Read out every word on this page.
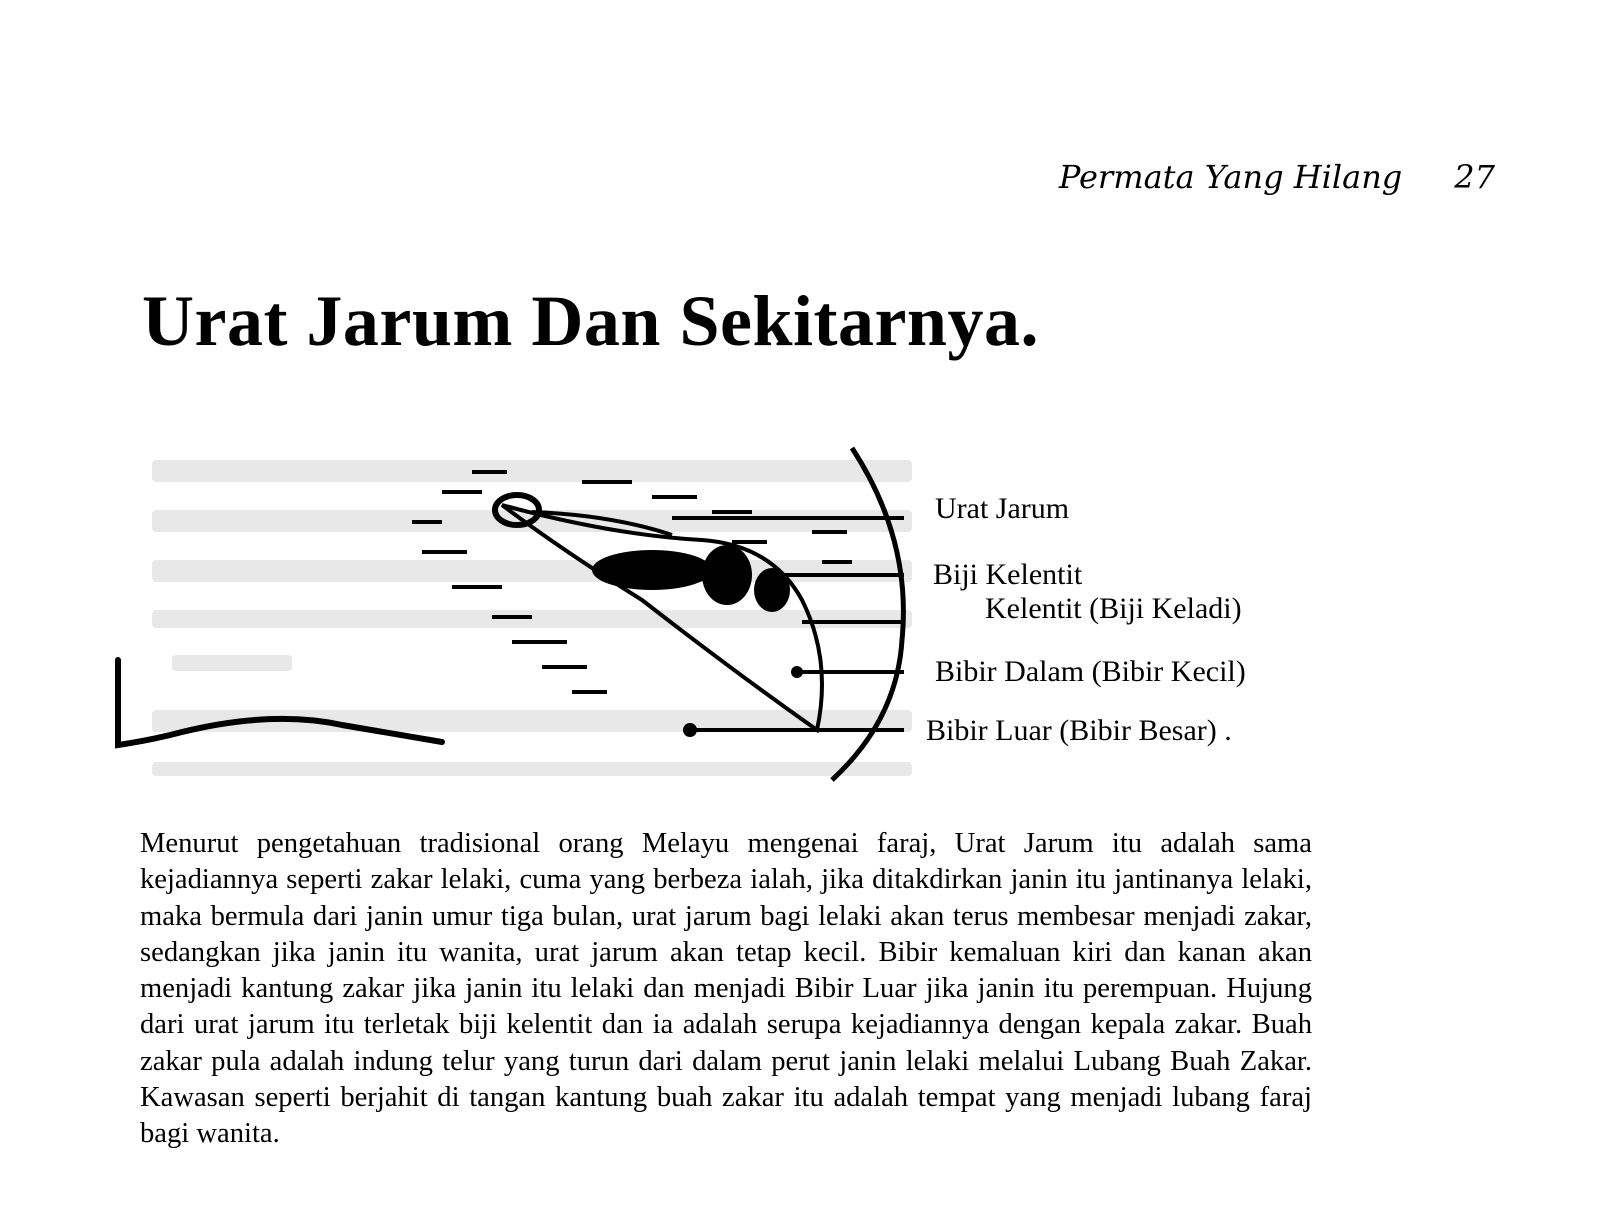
Permata Yang Hilang 27
Urat Jarum Dan Sekitarnya.
Urat Jarum
Biji Kelentit
Kelentit (Biji Keladi)
Bibir Dalam (Bibir Kecil)
Bibir Luar (Bibir Besar) .

Menurut pengetahuan tradisional orang Melayu mengenai faraj, Urat Jarum itu adalah sama kejadiannya seperti zakar lelaki, cuma yang berbeza ialah, jika ditakdirkan janin itu jantinanya lelaki, maka bermula dari janin umur tiga bulan, urat jarum bagi lelaki akan terus membesar menjadi zakar, sedangkan jika janin itu wanita, urat jarum akan tetap kecil. Bibir kemaluan kiri dan kanan akan menjadi kantung zakar jika janin itu lelaki dan menjadi Bibir Luar jika janin itu perempuan. Hujung dari urat jarum itu terletak biji kelentit dan ia adalah serupa kejadiannya dengan kepala zakar. Buah zakar pula adalah indung telur yang turun dari dalam perut janin lelaki melalui Lubang Buah Zakar. Kawasan seperti berjahit di tangan kantung buah zakar itu adalah tempat yang menjadi lubang faraj bagi wanita.
